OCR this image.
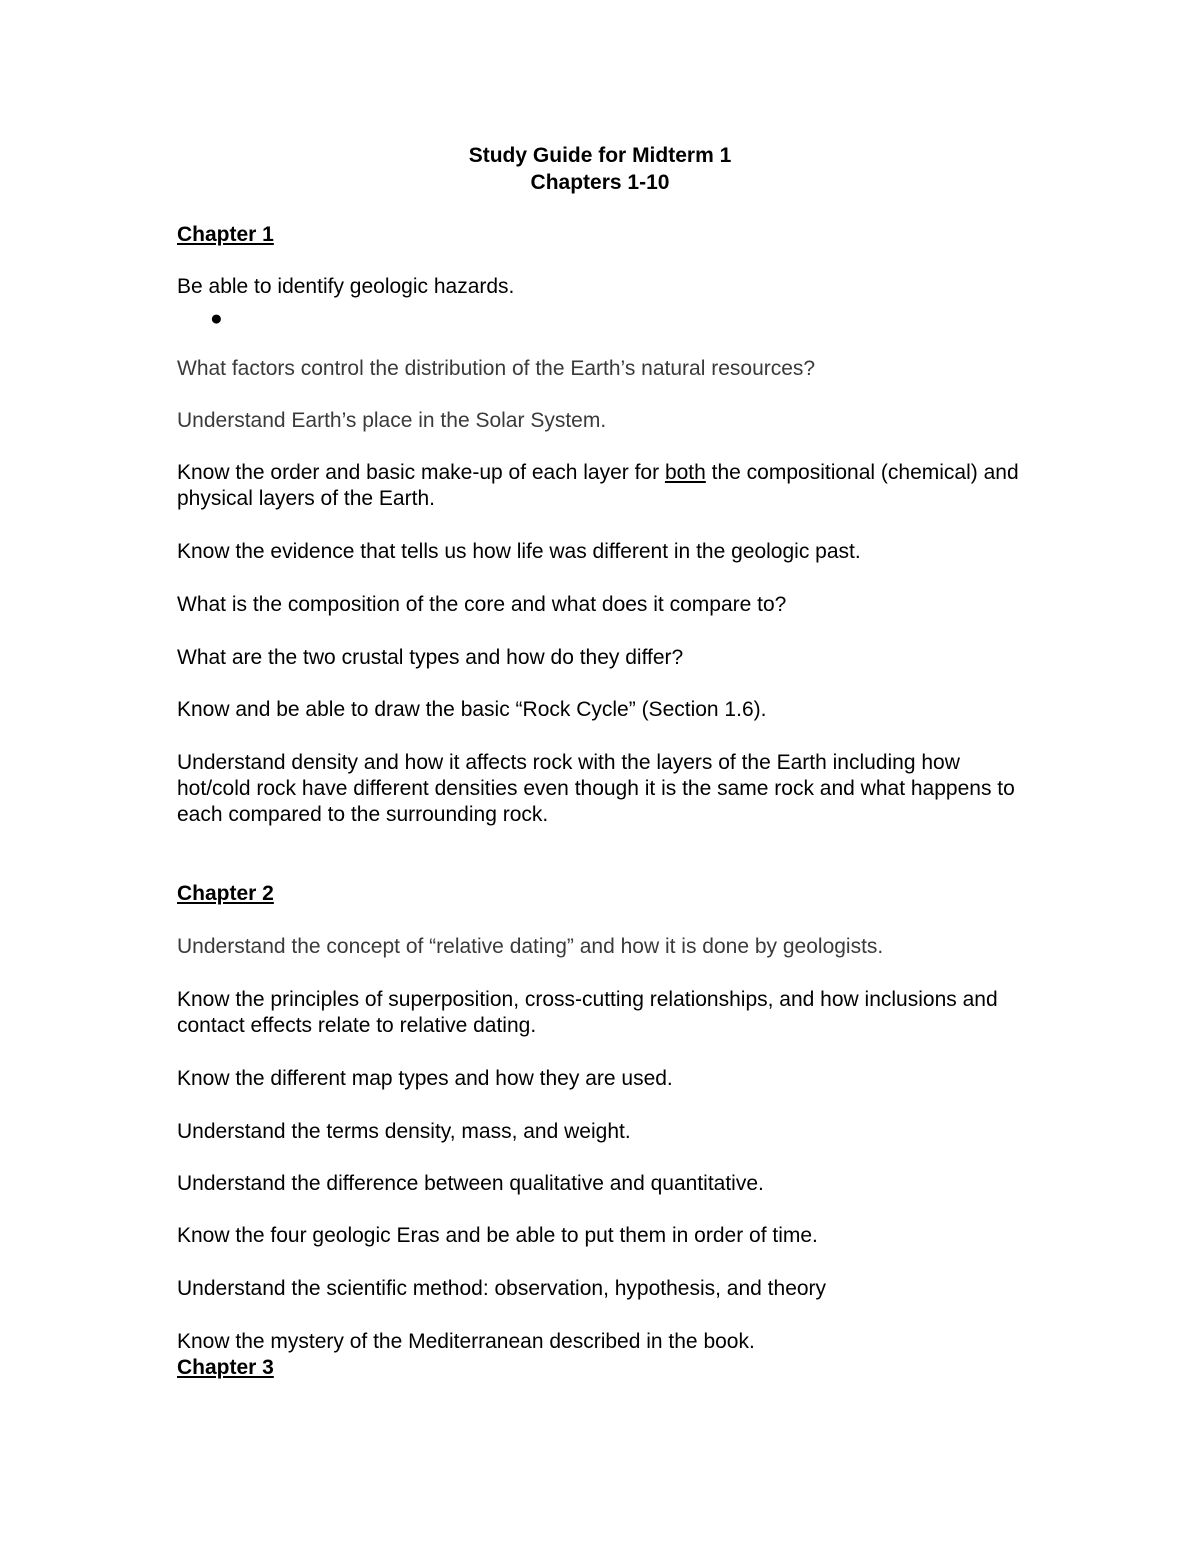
Study Guide for Midterm 1
Chapters 1-10
Chapter 1
Be able to identify geologic hazards.
●
What factors control the distribution of the Earth’s natural resources?
Understand Earth’s place in the Solar System.
Know the order and basic make-up of each layer for both the compositional (chemical) and physical layers of the Earth.
Know the evidence that tells us how life was different in the geologic past.
What is the composition of the core and what does it compare to?
What are the two crustal types and how do they differ?
Know and be able to draw the basic “Rock Cycle” (Section 1.6).
Understand density and how it affects rock with the layers of the Earth including how hot/cold rock have different densities even though it is the same rock and what happens to each compared to the surrounding rock.
Chapter 2
Understand the concept of “relative dating” and how it is done by geologists.
Know the principles of superposition, cross-cutting relationships, and how inclusions and contact effects relate to relative dating.
Know the different map types and how they are used.
Understand the terms density, mass, and weight.
Understand the difference between qualitative and quantitative.
Know the four geologic Eras and be able to put them in order of time.
Understand the scientific method: observation, hypothesis, and theory
Know the mystery of the Mediterranean described in the book.
Chapter 3
